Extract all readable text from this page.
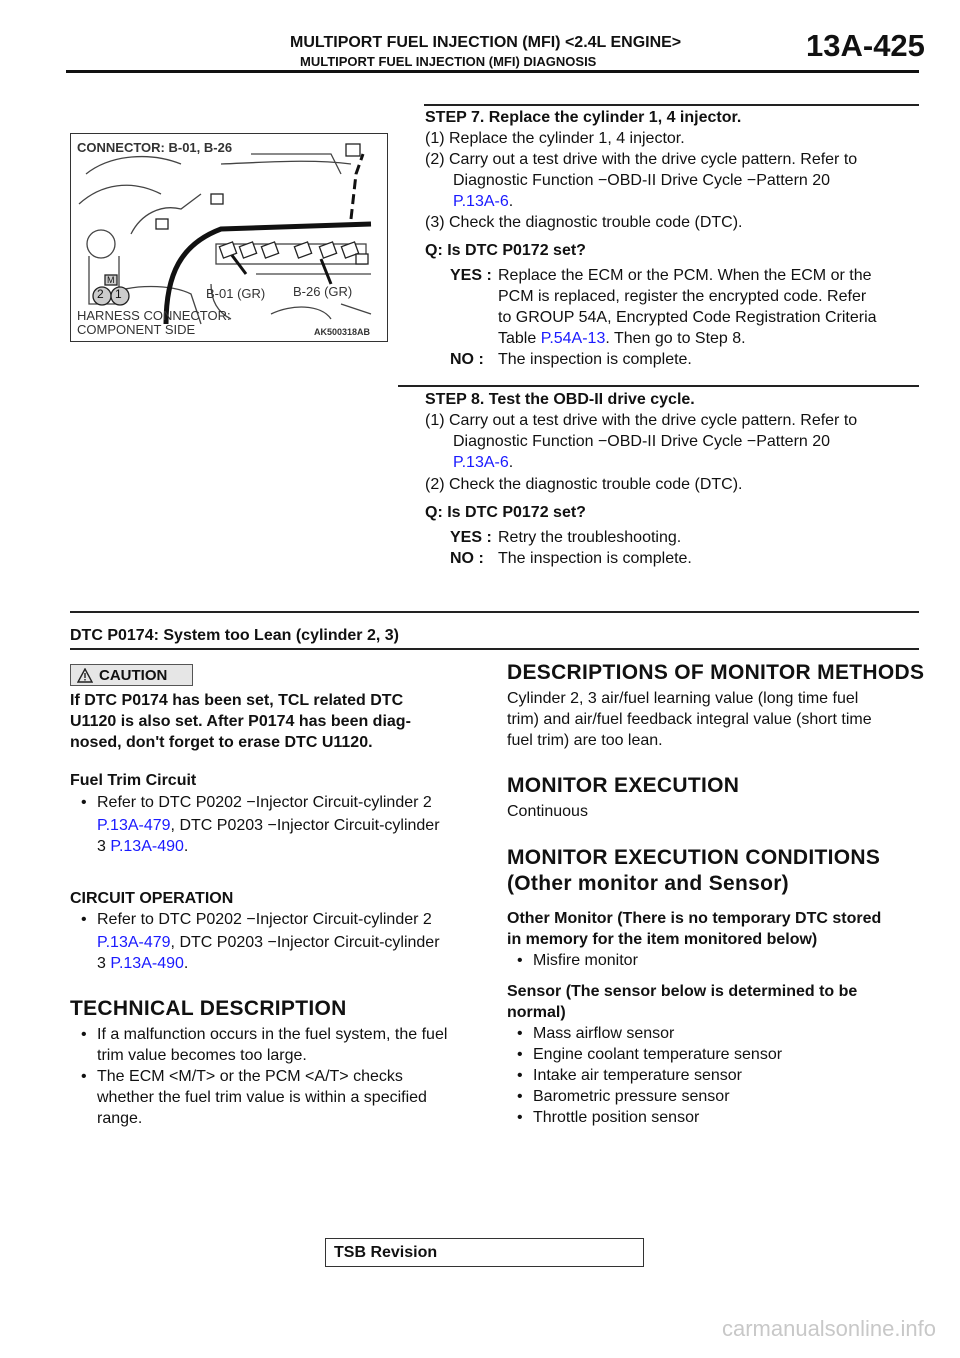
MULTIPORT FUEL INJECTION (MFI) <2.4L ENGINE>
MULTIPORT FUEL INJECTION (MFI) DIAGNOSIS	13A-425
CONNECTOR: B-01, B-26
2 1
M
B-01 (GR) B-26 (GR)
HARNESS CONNECTOR:
COMPONENT SIDE	AK500318AB
STEP 7. Replace the cylinder 1, 4 injector.
(1) Replace the cylinder 1, 4 injector.
(2) Carry out a test drive with the drive cycle pattern. Refer to
Diagnostic Function −OBD-II Drive Cycle −Pattern 20
P.13A-6.
(3) Check the diagnostic trouble code (DTC).
Q: Is DTC P0172 set?
YES : Replace the ECM or the PCM. When the ECM or the
PCM is replaced, register the encrypted code. Refer
to GROUP 54A, Encrypted Code Registration Criteria
Table P.54A-13. Then go to Step 8.
NO : The inspection is complete.
STEP 8. Test the OBD-II drive cycle.
(1) Carry out a test drive with the drive cycle pattern. Refer to
Diagnostic Function −OBD-II Drive Cycle −Pattern 20
P.13A-6.
(2) Check the diagnostic trouble code (DTC).
Q: Is DTC P0172 set?
YES : Retry the troubleshooting.
NO : The inspection is complete.
DTC P0174: System too Lean (cylinder 2, 3)
CAUTION
If DTC P0174 has been set, TCL related DTC
U1120 is also set. After P0174 has been diag-
nosed, don't forget to erase DTC U1120.
Fuel Trim Circuit
• Refer to DTC P0202 −Injector Circuit-cylinder 2
P.13A-479, DTC P0203 −Injector Circuit-cylinder
3 P.13A-490.
CIRCUIT OPERATION
• Refer to DTC P0202 −Injector Circuit-cylinder 2
P.13A-479, DTC P0203 −Injector Circuit-cylinder
3 P.13A-490.
TECHNICAL DESCRIPTION
• If a malfunction occurs in the fuel system, the fuel
trim value becomes too large.
• The ECM <M/T> or the PCM <A/T> checks
whether the fuel trim value is within a specified
range.
DESCRIPTIONS OF MONITOR METHODS
Cylinder 2, 3 air/fuel learning value (long time fuel
trim) and air/fuel feedback integral value (short time
fuel trim) are too lean.
MONITOR EXECUTION
Continuous
MONITOR EXECUTION CONDITIONS
(Other monitor and Sensor)
Other Monitor (There is no temporary DTC stored
in memory for the item monitored below)
• Misfire monitor
Sensor (The sensor below is determined to be
normal)
• Mass airflow sensor
• Engine coolant temperature sensor
• Intake air temperature sensor
• Barometric pressure sensor
• Throttle position sensor
TSB Revision
carmanualsonline.info
